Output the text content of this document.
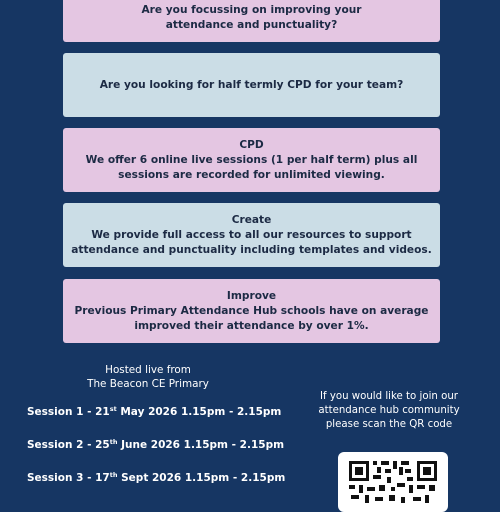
Are you focussing on improving your
attendance and punctuality?
Are you looking for half termly CPD for your team?
CPD
We offer 6 online live sessions (1 per half term) plus all
sessions are recorded for unlimited viewing.
Create
We provide full access to all our resources to support
attendance and punctuality including templates and videos.
Improve
Previous Primary Attendance Hub schools have on average
improved their attendance by over 1%.
Hosted live from
The Beacon CE Primary
Session 1 - 21st May 2026 1.15pm - 2.15pm
Session 2 - 25th June 2026 1.15pm - 2.15pm
Session 3 - 17th Sept 2026 1.15pm - 2.15pm
If you would like to join our
attendance hub community
please scan the QR code
